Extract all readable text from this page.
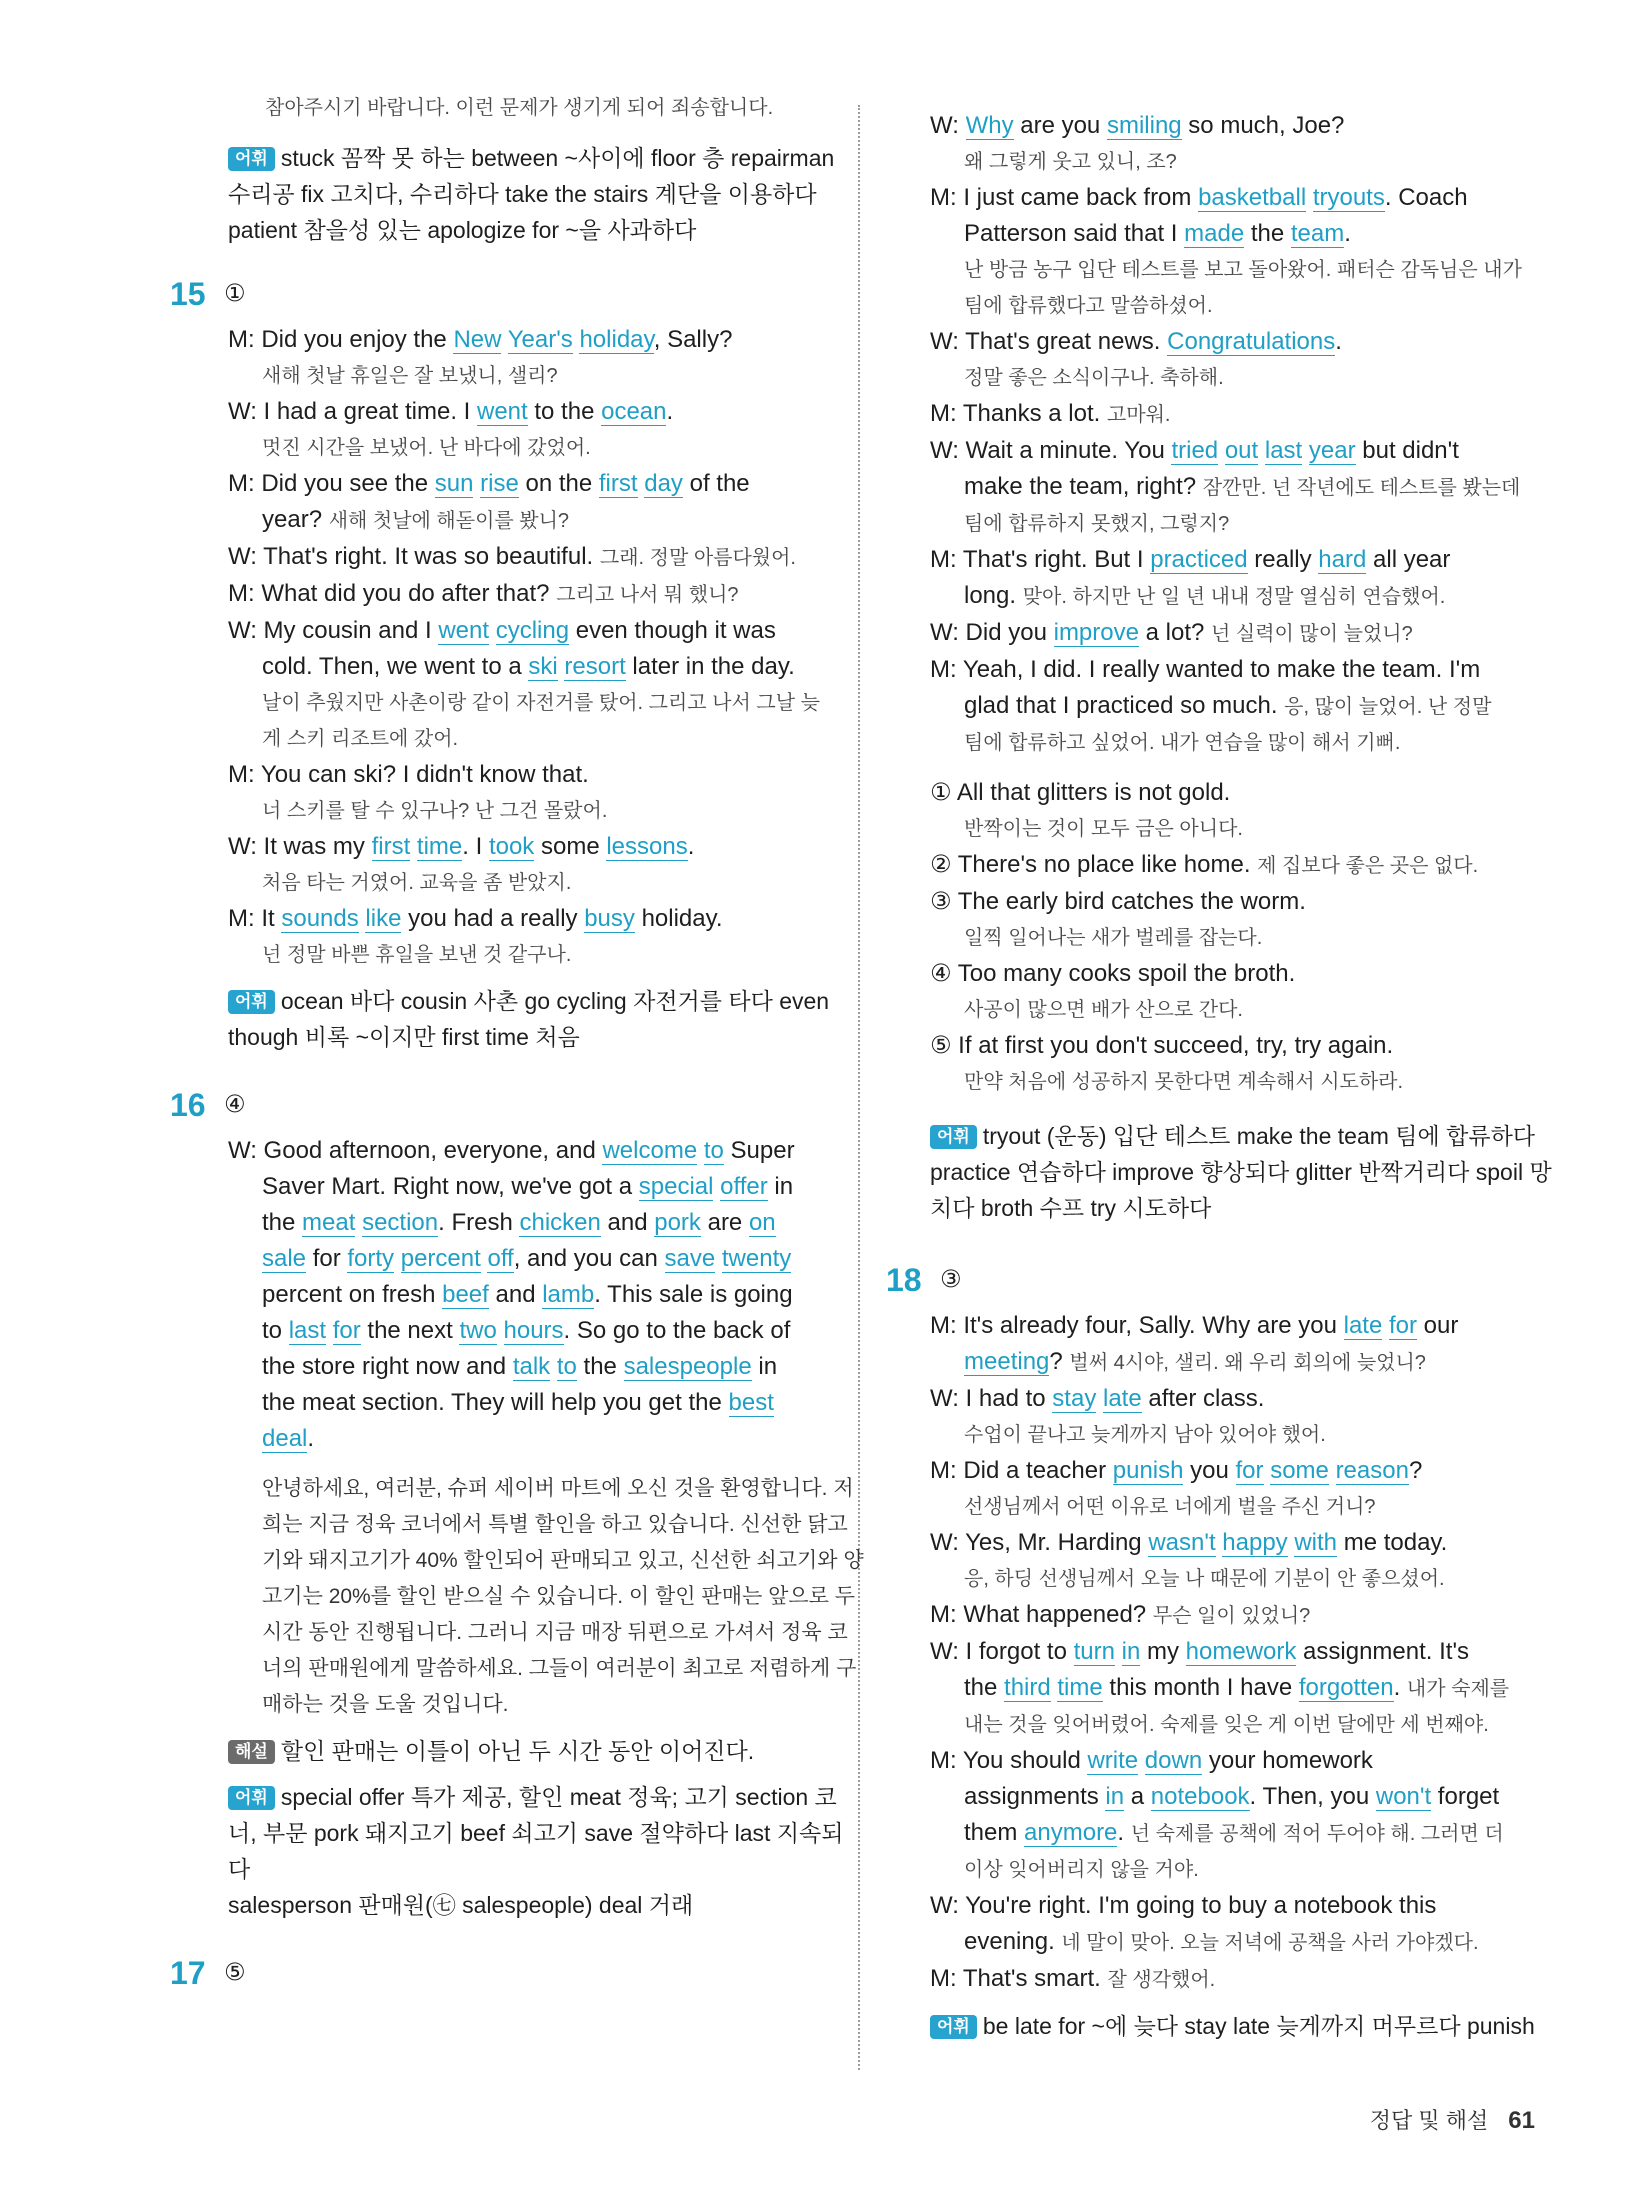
참아주시기 바랍니다. 이런 문제가 생기게 되어 죄송합니다.
어휘 stuck 꼼짝 못 하는 between ~사이에 floor 층 repairman
수리공 fix 고치다, 수리하다 take the stairs 계단을 이용하다
patient 참을성 있는 apologize for ~을 사과하다
15 ①
M: Did you enjoy the New Year's holiday, Sally?
새해 첫날 휴일은 잘 보냈니, 샐리?
W: I had a great time. I went to the ocean.
멋진 시간을 보냈어. 난 바다에 갔었어.
M: Did you see the sun rise on the first day of the
year? 새해 첫날에 해돋이를 봤니?
W: That's right. It was so beautiful. 그래. 정말 아름다웠어.
M: What did you do after that? 그리고 나서 뭐 했니?
W: My cousin and I went cycling even though it was
cold. Then, we went to a ski resort later in the day.
날이 추웠지만 사촌이랑 같이 자전거를 탔어. 그리고 나서 그날 늦
게 스키 리조트에 갔어.
M: You can ski? I didn't know that.
너 스키를 탈 수 있구나? 난 그건 몰랐어.
W: It was my first time. I took some lessons.
처음 타는 거였어. 교육을 좀 받았지.
M: It sounds like you had a really busy holiday.
넌 정말 바쁜 휴일을 보낸 것 같구나.
어휘 ocean 바다 cousin 사촌 go cycling 자전거를 타다 even
though 비록 ~이지만 first time 처음
16 ④
W: Good afternoon, everyone, and welcome to Super
Saver Mart. Right now, we've got a special offer in
the meat section. Fresh chicken and pork are on
sale for forty percent off, and you can save twenty
percent on fresh beef and lamb. This sale is going
to last for the next two hours. So go to the back of
the store right now and talk to the salespeople in
the meat section. They will help you get the best
deal.
안녕하세요, 여러분, 슈퍼 세이버 마트에 오신 것을 환영합니다. 저
희는 지금 정육 코너에서 특별 할인을 하고 있습니다. 신선한 닭고
기와 돼지고기가 40% 할인되어 판매되고 있고, 신선한 쇠고기와 양
고기는 20%를 할인 받으실 수 있습니다. 이 할인 판매는 앞으로 두
시간 동안 진행됩니다. 그러니 지금 매장 뒤편으로 가셔서 정육 코
너의 판매원에게 말씀하세요. 그들이 여러분이 최고로 저렴하게 구
매하는 것을 도울 것입니다.
해설 할인 판매는 이틀이 아닌 두 시간 동안 이어진다.
어휘 special offer 특가 제공, 할인 meat 정육; 고기 section 코
너, 부문 pork 돼지고기 beef 쇠고기 save 절약하다 last 지속되다
salesperson 판매원(㊆ salespeople) deal 거래
17 ⑤
W: Why are you smiling so much, Joe?
왜 그렇게 웃고 있니, 조?
M: I just came back from basketball tryouts. Coach
Patterson said that I made the team.
난 방금 농구 입단 테스트를 보고 돌아왔어. 패터슨 감독님은 내가
팀에 합류했다고 말씀하셨어.
W: That's great news. Congratulations.
정말 좋은 소식이구나. 축하해.
M: Thanks a lot. 고마워.
W: Wait a minute. You tried out last year but didn't
make the team, right? 잠깐만. 넌 작년에도 테스트를 봤는데
팀에 합류하지 못했지, 그렇지?
M: That's right. But I practiced really hard all year
long. 맞아. 하지만 난 일 년 내내 정말 열심히 연습했어.
W: Did you improve a lot? 넌 실력이 많이 늘었니?
M: Yeah, I did. I really wanted to make the team. I'm
glad that I practiced so much. 응, 많이 늘었어. 난 정말
팀에 합류하고 싶었어. 내가 연습을 많이 해서 기뻐.
① All that glitters is not gold.
반짝이는 것이 모두 금은 아니다.
② There's no place like home. 제 집보다 좋은 곳은 없다.
③ The early bird catches the worm.
일찍 일어나는 새가 벌레를 잡는다.
④ Too many cooks spoil the broth.
사공이 많으면 배가 산으로 간다.
⑤ If at first you don't succeed, try, try again.
만약 처음에 성공하지 못한다면 계속해서 시도하라.
어휘 tryout (운동) 입단 테스트 make the team 팀에 합류하다
practice 연습하다 improve 향상되다 glitter 반짝거리다 spoil 망
치다 broth 수프 try 시도하다
18 ③
M: It's already four, Sally. Why are you late for our
meeting? 벌써 4시야, 샐리. 왜 우리 회의에 늦었니?
W: I had to stay late after class.
수업이 끝나고 늦게까지 남아 있어야 했어.
M: Did a teacher punish you for some reason?
선생님께서 어떤 이유로 너에게 벌을 주신 거니?
W: Yes, Mr. Harding wasn't happy with me today.
응, 하딩 선생님께서 오늘 나 때문에 기분이 안 좋으셨어.
M: What happened? 무슨 일이 있었니?
W: I forgot to turn in my homework assignment. It's
the third time this month I have forgotten. 내가 숙제를
내는 것을 잊어버렸어. 숙제를 잊은 게 이번 달에만 세 번째야.
M: You should write down your homework
assignments in a notebook. Then, you won't forget
them anymore. 넌 숙제를 공책에 적어 두어야 해. 그러면 더
이상 잊어버리지 않을 거야.
W: You're right. I'm going to buy a notebook this
evening. 네 말이 맞아. 오늘 저녁에 공책을 사러 가야겠다.
M: That's smart. 잘 생각했어.
어휘 be late for ~에 늦다 stay late 늦게까지 머무르다 punish
정답 및 해설 61
